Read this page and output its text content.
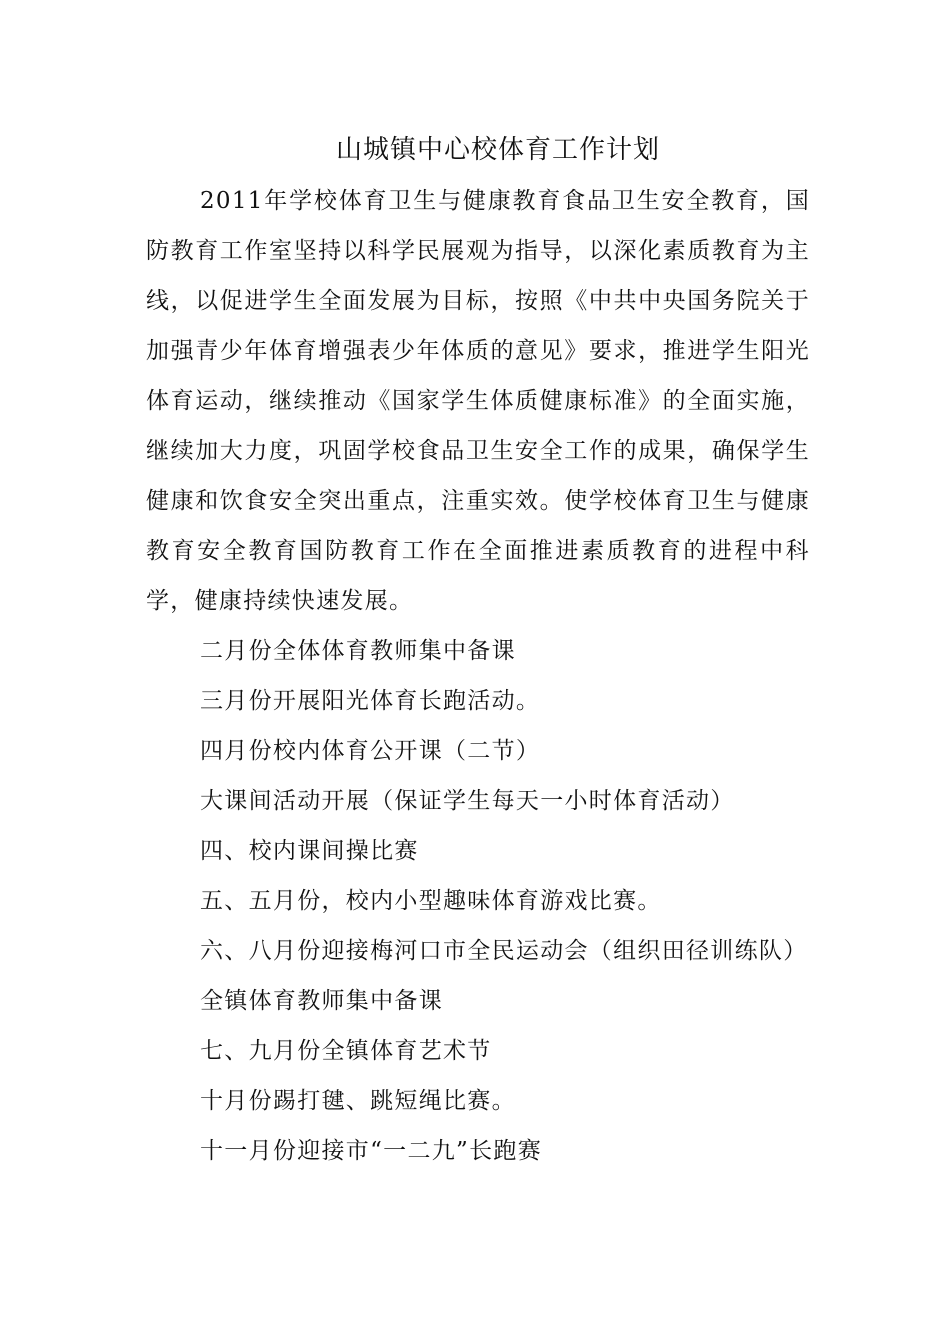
山城镇中心校体育工作计划

2011年学校体育卫生与健康教育食品卫生安全教育，国防教育工作室坚持以科学民展观为指导，以深化素质教育为主线，以促进学生全面发展为目标，按照《中共中央国务院关于加强青少年体育增强表少年体质的意见》要求，推进学生阳光体育运动，继续推动《国家学生体质健康标准》的全面实施，继续加大力度，巩固学校食品卫生安全工作的成果，确保学生健康和饮食安全突出重点，注重实效。使学校体育卫生与健康教育安全教育国防教育工作在全面推进素质教育的进程中科学，健康持续快速发展。

二月份全体体育教师集中备课

三月份开展阳光体育长跑活动。

四月份校内体育公开课（二节）

大课间活动开展（保证学生每天一小时体育活动）

四、校内课间操比赛

五、五月份，校内小型趣味体育游戏比赛。

六、八月份迎接梅河口市全民运动会（组织田径训练队）

全镇体育教师集中备课

七、九月份全镇体育艺术节

十月份踢打毽、跳短绳比赛。

十一月份迎接市“一二九”长跑赛
